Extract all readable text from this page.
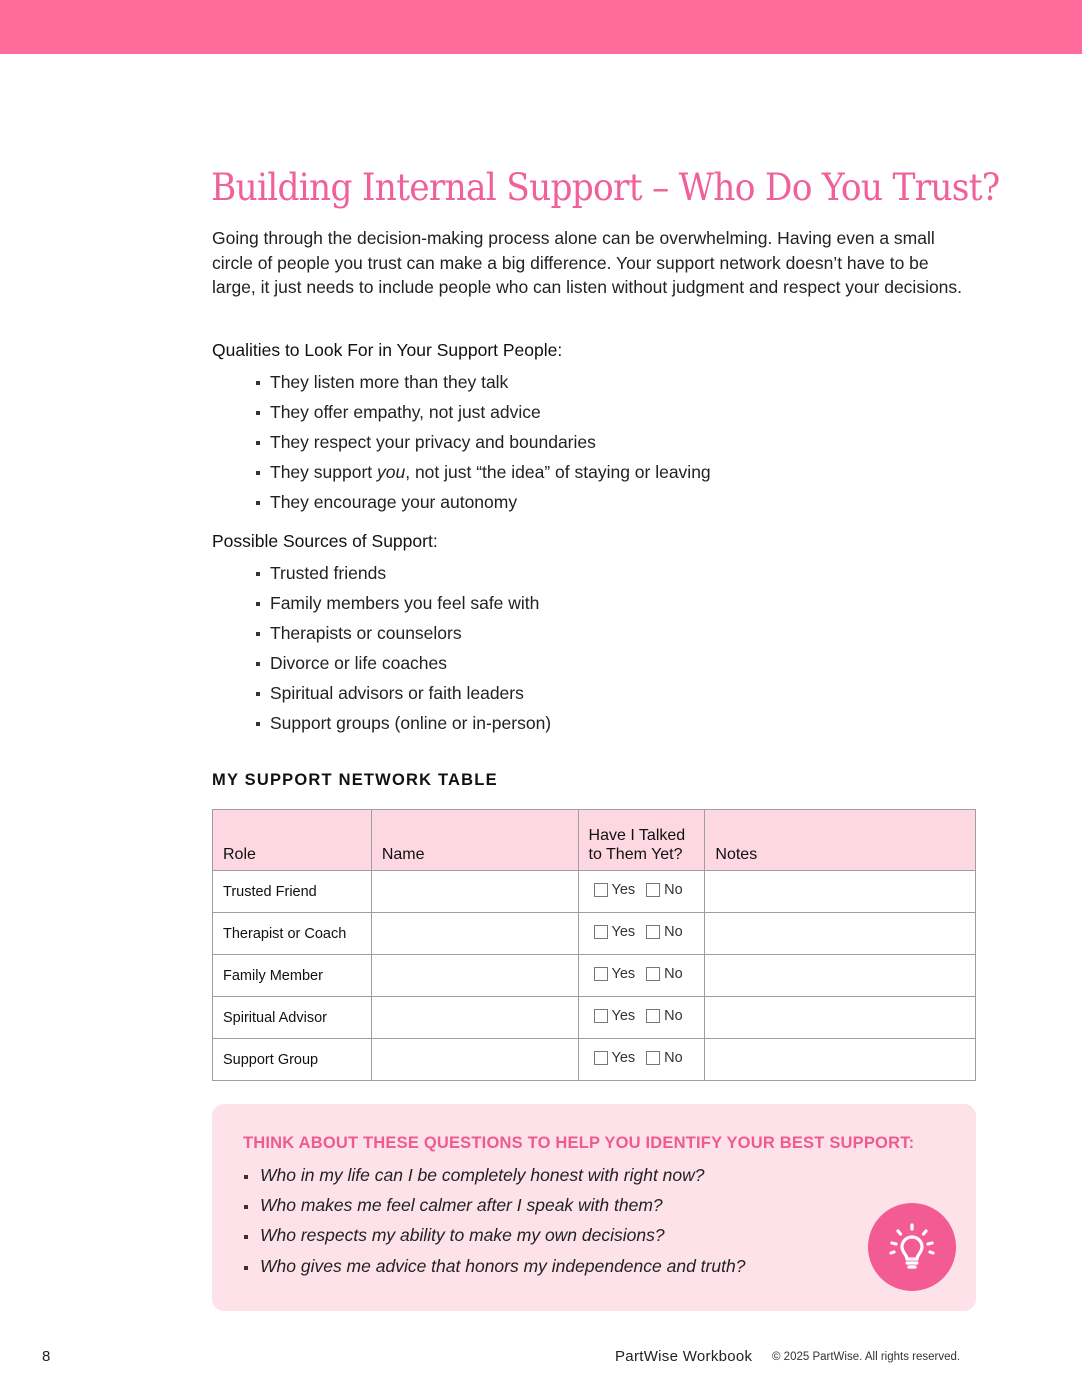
Building Internal Support – Who Do You Trust?

Going through the decision-making process alone can be overwhelming. Having even a small circle of people you trust can make a big difference. Your support network doesn’t have to be large, it just needs to include people who can listen without judgment and respect your decisions.

Qualities to Look For in Your Support People:
They listen more than they talk
They offer empathy, not just advice
They respect your privacy and boundaries
They support you, not just “the idea” of staying or leaving
They encourage your autonomy
Possible Sources of Support:
Trusted friends
Family members you feel safe with
Therapists or counselors
Divorce or life coaches
Spiritual advisors or faith leaders
Support groups (online or in-person)
MY SUPPORT NETWORK TABLE
Role	Name	Have I Talked to Them Yet?	Notes
Trusted Friend		Yes No	

Therapist or Coach		Yes No	

Family Member		Yes No	

Spiritual Advisor		Yes No	

Support Group		Yes No	

THINK ABOUT THESE QUESTIONS TO HELP YOU IDENTIFY YOUR BEST SUPPORT:

Who in my life can I be completely honest with right now?
Who makes me feel calmer after I speak with them?
Who respects my ability to make my own decisions?
Who gives me advice that honors my independence and truth?
8	PartWise Workbook © 2025 PartWise. All rights reserved.
